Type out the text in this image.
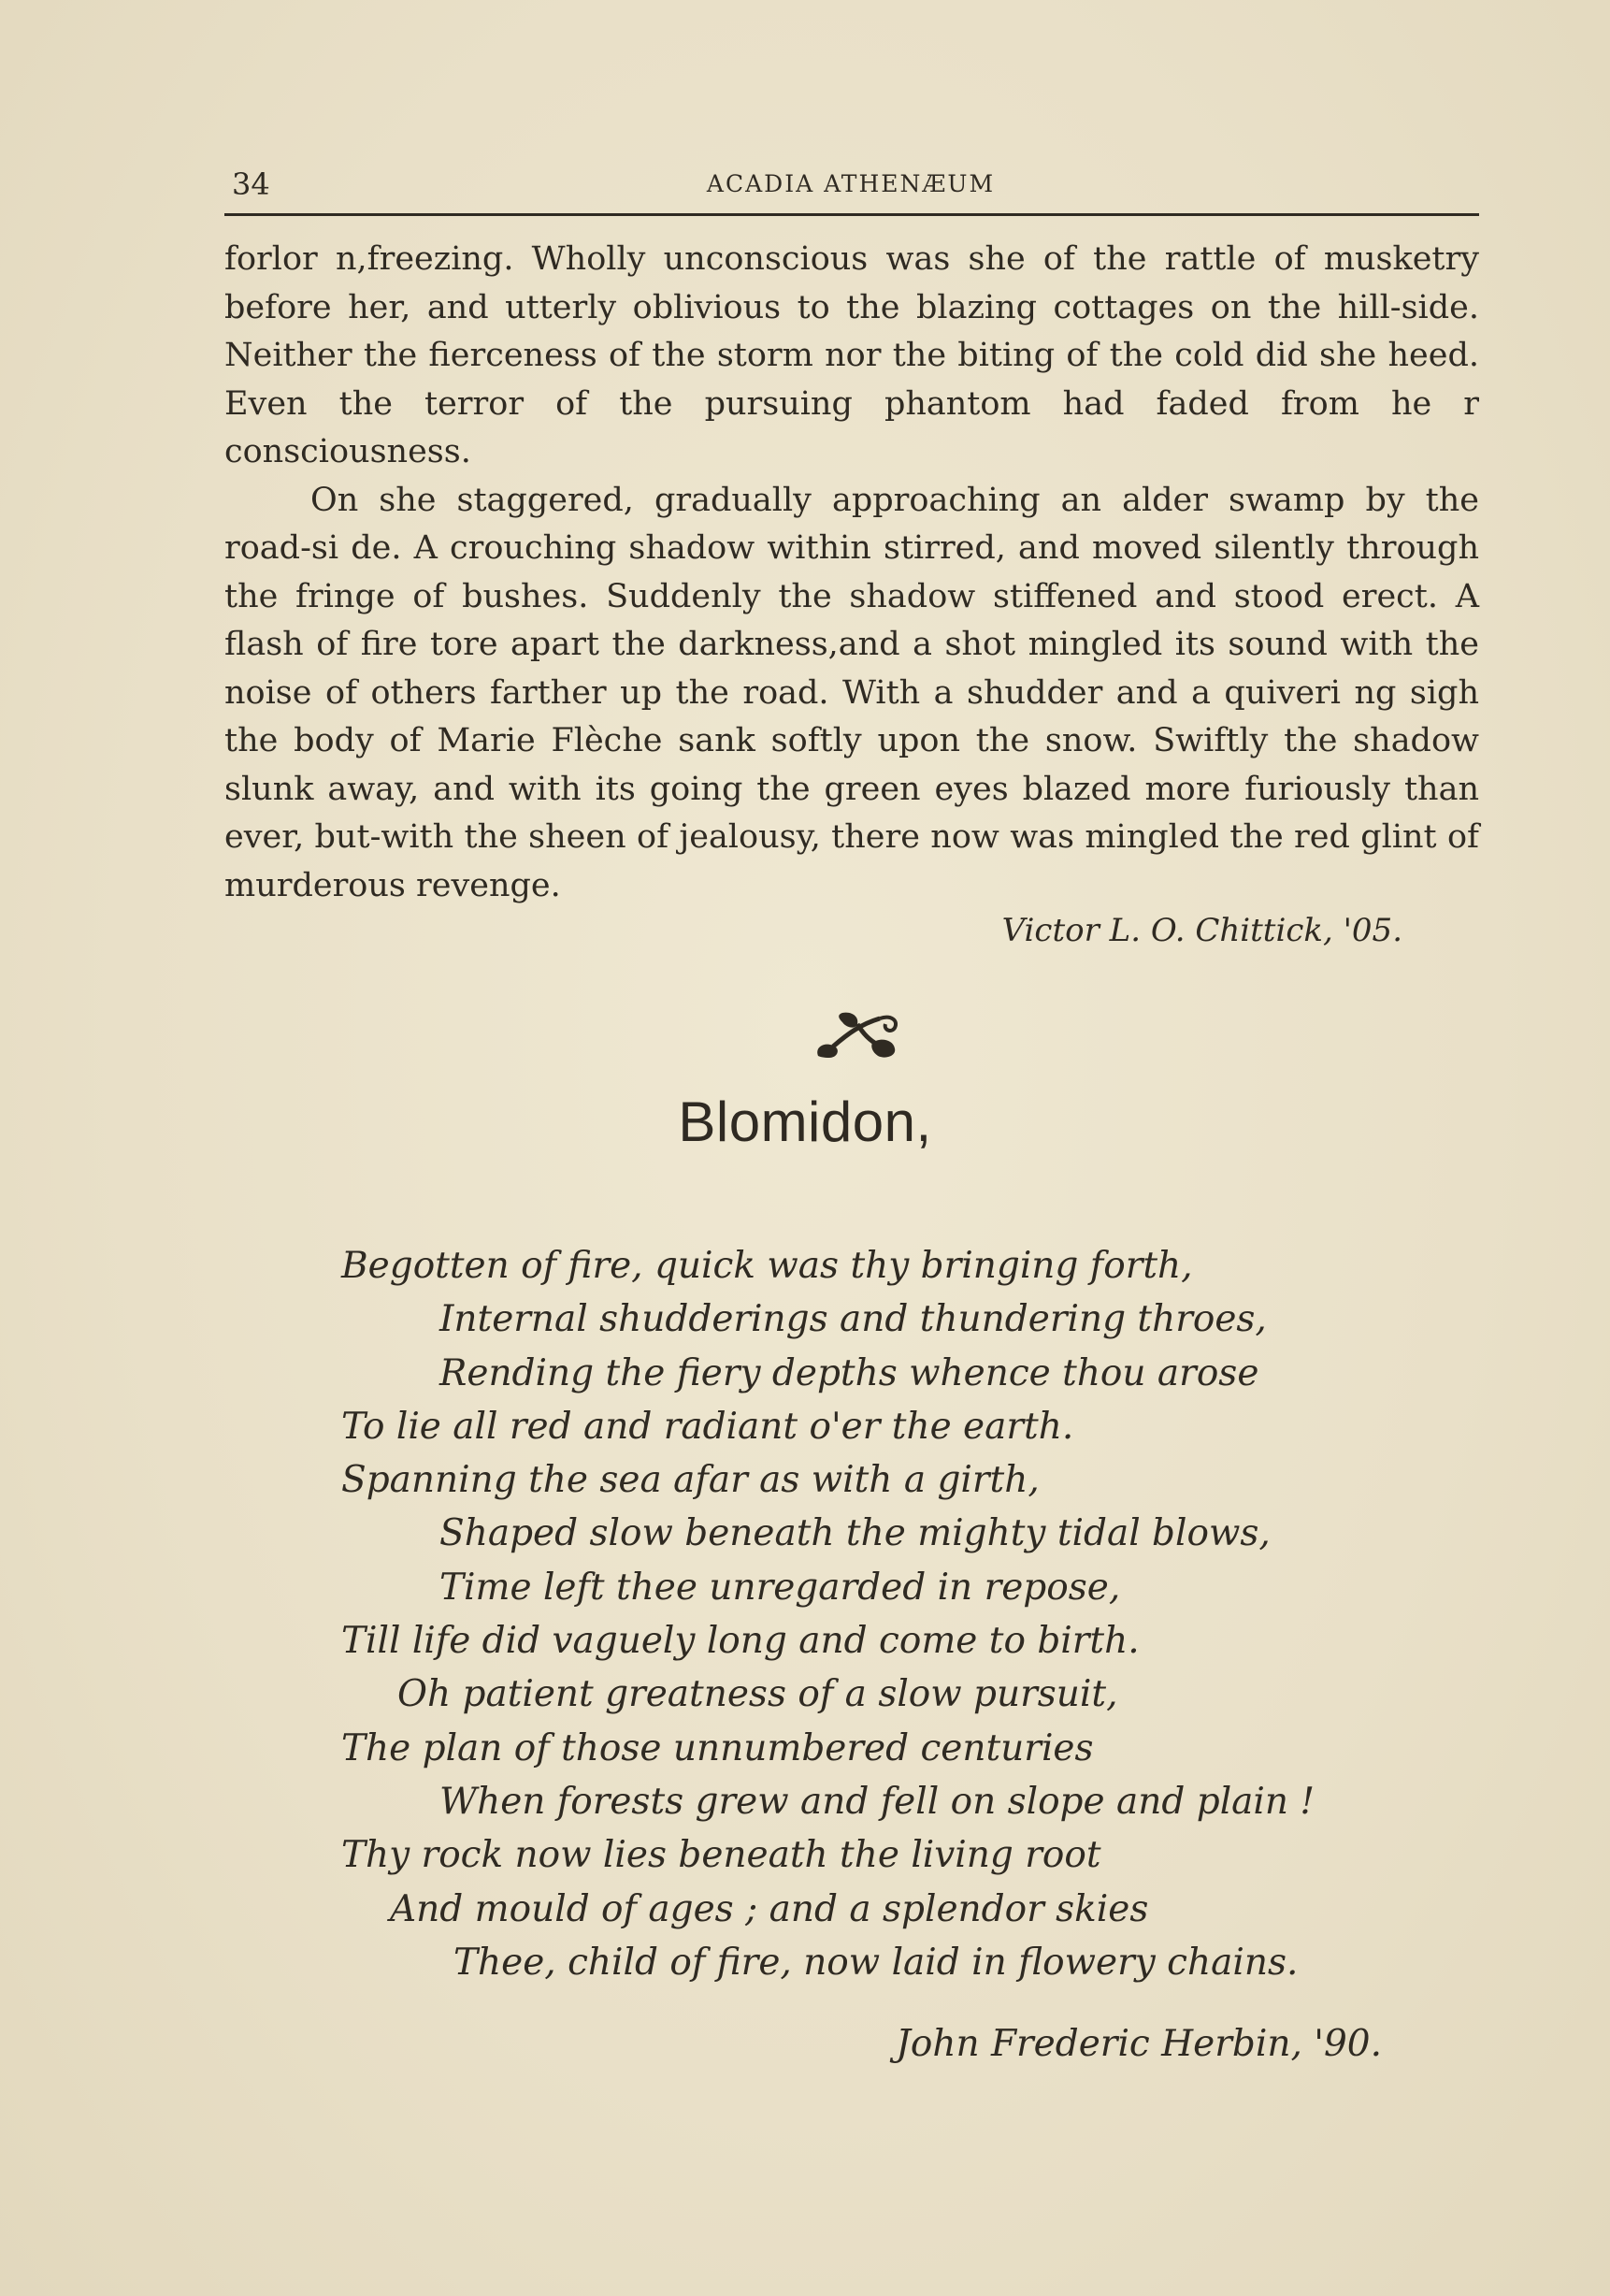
34	ACADIA ATHENÆUM

forlor n,freezing. Wholly unconscious was she of the rattle of musketry before her, and utterly oblivious to the blazing cottages on the hill-side. Neither the fierceness of the storm nor the biting of the cold did she heed. Even the terror of the pursuing phantom had faded from he r consciousness.

On she staggered, gradually approaching an alder swamp by the road-si de. A crouching shadow within stirred, and moved silently through the fringe of bushes. Suddenly the shadow stiffened and stood erect. A flash of fire tore apart the darkness,and a shot mingled its sound with the noise of others farther up the road. With a shudder and a quiveri ng sigh the body of Marie Flèche sank softly upon the snow. Swiftly the shadow slunk away, and with its going the green eyes blazed more furiously than ever, but-with the sheen of jealousy, there now was mingled the red glint of murderous revenge.

Victor L. O. Chittick, '05.
Blomidon,
Begotten of fire, quick was thy bringing forth,
Internal shudderings and thundering throes,
Rending the fiery depths whence thou arose
To lie all red and radiant o'er the earth.
Spanning the sea afar as with a girth,
Shaped slow beneath the mighty tidal blows,
Time left thee unregarded in repose,
Till life did vaguely long and come to birth.
Oh patient greatness of a slow pursuit,
The plan of those unnumbered centuries
When forests grew and fell on slope and plain !
Thy rock now lies beneath the living root
And mould of ages ; and a splendor skies
Thee, child of fire, now laid in flowery chains.
John Frederic Herbin, '90.
